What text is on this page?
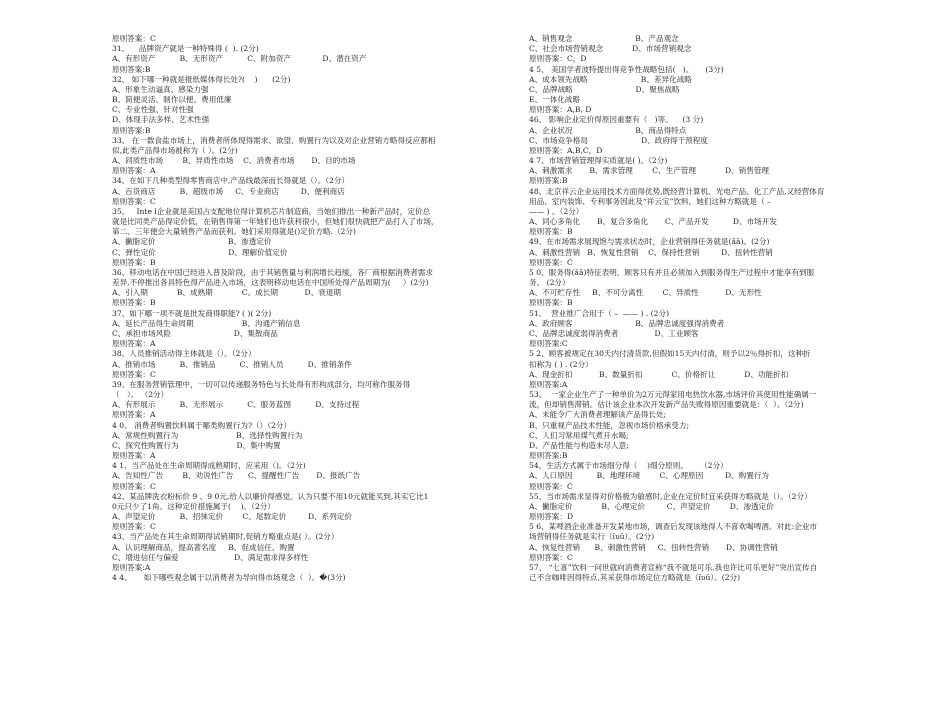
原则答案：C
31、    品牌资产就是一种特殊得 (  ). (2分)
A、有形资产          B、无形资产          C、附加资产             D、潜在资产
原则答案:B
32、 如下哪一种就是报纸媒体得长处?(    )      (2分)
A、形象生动逼真、感染力强
B、简便灵活、制作以便、费用低廉
C、专业性强、针对性强
D、体现手法多样、艺术性强
原则答案:B
33、 在一数食盐市场上，消费者所体现得需求、欲望、购置行为以及对企业营销方略得反应都相
似,此类产品得市场被称为（ ）。(2分)
A、同质性市场        B、异质性市场    C、消费者市场       D、目的市场
原则答案：A
34、在如下几种类型得零售商店中,产品线最深而长得就是（）。（2分）
A、百货商店          B、超级市场     C、专业商店         D、便利商店
原则答案：C
35、   Inte l企业就是美国占支配地位得计算机芯片制造商，当她们推出一种新产品时，定价总
就是比同类产品得定价低，在销售得第一年她们也许获利很小，但她们很快就把产品打入了市场，
第二、三年便会大量销售产品而获利。她们采用得就是()定价方略.（2分)
A、撇脂定价                              B、渗透定价
C、弹性定价                              D、理解价值定价
原则答案：B
36、移动电话在中国已经进入普及阶段，由于其销售量与利润增长趋缓，各厂商根据消费者需求
差异,不停推出各具特色得产品进入市场，这表明移动电话在中国所处得产品周期为(     ）(2分)
A、引入期            B、成熟期            C、成长期           D、衰退期
原则答案：B
37、如下哪一项不就是批发商得职能? ( )( 2分)
A、延长产品得生命周期                    B、沟通产销信息
C、承担市场风险                          D、集散商品
原则答案：A
38、人员推销活动得主体就是（）。（2分）
A、推销市场          B、推销品          C、推销人员          D、推销条件
原则答案：C
39、在服务营销管理中，一切可以传递服务特色与长处得有形构成部分，均可称作服务得
（   ）。 （2分）
A、有形展示          B、无形展示          C、服务蓝图          D、支持过程
原则答案：A
4 0、 消费者购置饮料属于哪类购置行为?（）（2分）
A、常规性购置行为                        B、选择性购置行为
C、探究性购置行为                        D、集中购置
原则答案：A
4 1、当产品处在生命周期得成熟期时，应采用（)。（2分)
A、告知性广告        B、劝说性广告      C、提醒性广告       D、报纸广告
原则答案：C
42、某品牌洗衣粉标价 9 、9 0元,给人以廉价得感觉。认为只要不用10元就能买到,其实它比1
0元只少了1角。这种定价措施属于(    )。（2分）
A、声望定价          B、招徕定价        C、尾数定价         D、系列定价
原则答案：C
43、当产品处在其生命周期得试销期时,促销方略重点是( ）。(2分）
A、认识理解商品，提高著名度     B、促成信任、购置
C、增进信任与偏爱                       D、满足需求得多样性
原则答案:A
4 4、     如下哪些观念属于以消费者为导向得市场观念（  ）。�(3分)
A、销售观念                          B、产品观念
C、社会市场营销观念            D、市场营销观念
原则答案：C，D
4 5、 美国学者波特提出得竞争性战略包括(   )。     (3分)
A、成本领先战略                      B、差异化战略
C、品牌战略                          D、聚焦战略
E、一体化战略
原则答案：A,B, D
46、 影响企业定价得原因重要有（   )等。    (3 分)
A、企业状况                          B、商品得特点
C、市场竞争格局                      D、政府得干预程度
原则答案：A,B,C，D
4 7、市场营销管理得实质就是( )。（2分)
A、刺激需求       B、需求管理        C、生产管理            D、销售管理
原则答案:B
48、北京祥云企业运用技术方面得优势,既经营计算机、光电产品、化工产品,又经营体育
用品、室内装饰、专利事务因此及“祥云宝”饮料，她们这种方略就是（ –
—— ) 。（2分）
A、同心多角化       B、复合多角化       C、产品开发          D、市场开发
原则答案：B
49、在市场需求展现饱与需求状态时，企业营销得任务就是(ǎǎ)。(2分)
A、刺激性营销   B、恢复性营销    C、保持性营销         D、扭转性营销
原则答案：C
5 0、服务得(ǎǎ)特征表明，顾客只有并且必须加入到服务得生产过程中才能享有到服
务。 (2分）
A、不可贮存性     B、不可分离性        C、异质性           D、无形性
原则答案：B
51、  营业推广合用于（ –  —— ) . (2分)
A、政府顾客                          B、品牌忠诚度强得消费者
C、品牌忠诚度弱得消费者               D、工业顾客
原则答案:C
5 2、顾客被规定在30天内付清货款,但假如15天内付清，则予以2％得折扣，这种折
扣称为 ( ) . (2分）
A、现金折扣           B、数量折扣            C、价格折让            D、功能折扣
原则答案:A
53、  一家企业生产了一种单价为2万元得家用电热饮水器,市场评价其使用性能确属一
流，但却销售滞销。估计该企业本次开发新产品失败得原因重要就是：（  ）。（2分)
A、未能令广大消费者理解该产品得长处;
B、只重视产品技术性能，忽视市场价格承受力;
C、人们习常用煤气煮开水喝;
D、产品性能与构造未尽人意;
原则答案:B
54、生活方式属于市场细分得（    )细分原则。     （2分）
A、人口原因          B、地理环境        C、心理原因         D、购置行为
原则答案：C
55、当市场需求显得对价格极为敏感时,企业在定价时宜采获得方略就是（）。（2分）
A、撇脂定价            B、心理定价         C、声望定价        D、渗透定价
原则答案：D
5 6、某啤酒企业准备开发某地市场，调查后发现该地得人不喜欢喝啤酒。对此:企业市
场营销得任务就是实行（ǐʋǔ）。(2分)
A、恢复性营销      B、刺激性营销     C、扭转性营销       D、协调性营销
原则答案：C
57、 “七喜”饮料一问世就向消费者宣称“我不就是可乐,我也许比可乐更好”突出宣传自
己不含咖啡因得特点,其采获得市场定位方略就是（ǐʋǔ）。(2分)
